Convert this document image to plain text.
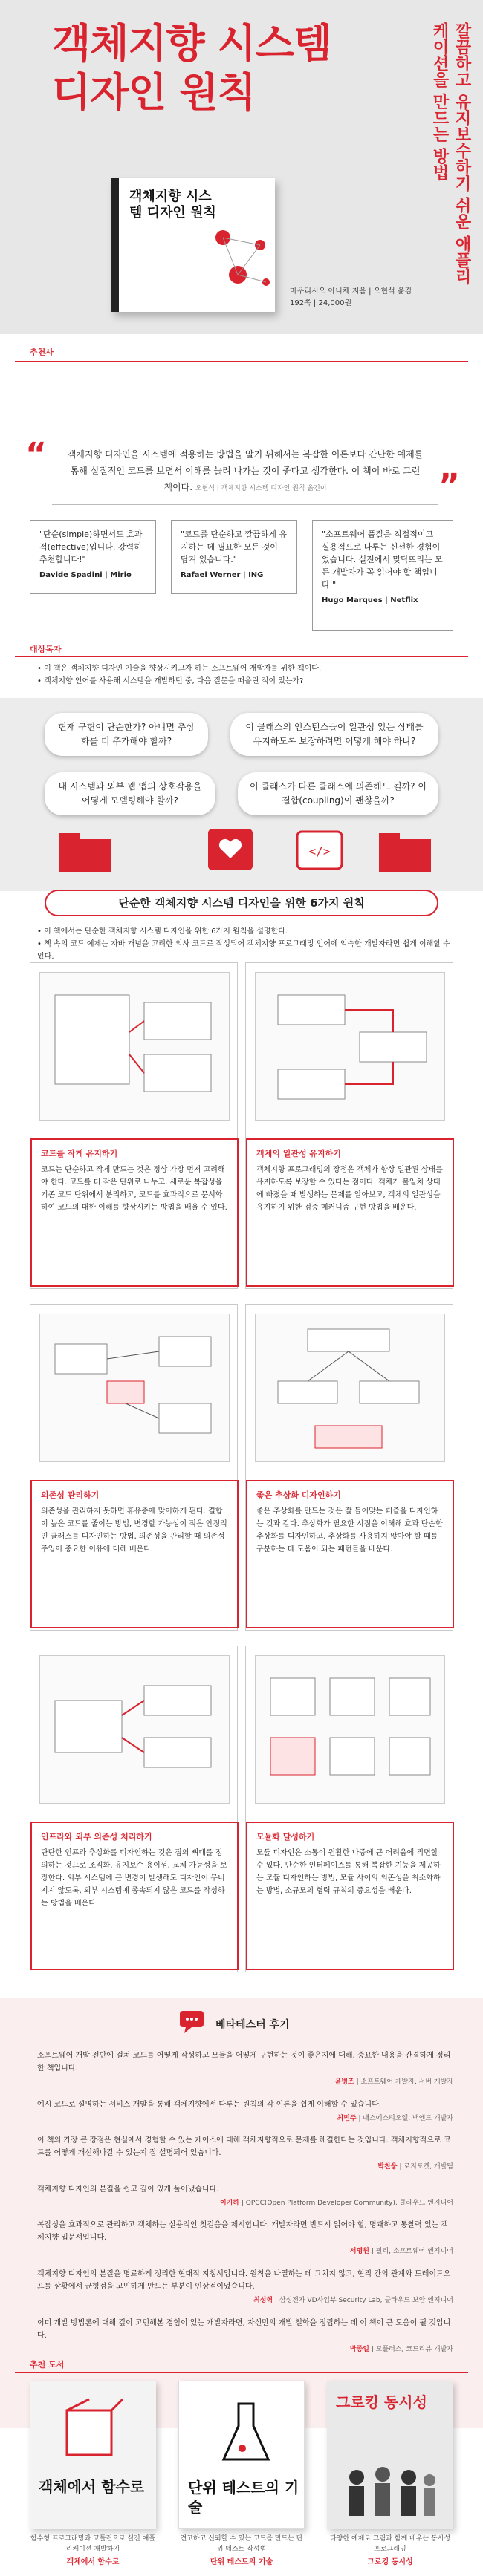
객체지향 시스템
디자인 원칙	깔끔하고 유지보수하기 쉬운 애플리케이션을 만드는 방법
객체지향 시스템 디자인 원칙
마우리시오 아니체 지음 | 오현석 옮김
192쪽 | 24,000원
추천사
“
”
객체지향 디자인을 시스템에 적용하는 방법을 알기 위해서는 복잡한 이론보다 간단한 예제를 통해 실질적인 코드를 보면서 이해를 늘려 나가는 것이 좋다고 생각한다. 이 책이 바로 그런 책이다. 오현석 | 객체지향 시스템 디자인 원칙 옮긴이
"단순(simple)하면서도 효과적(effective)입니다. 강력히 추천합니다!"
Davide Spadini | Mirio
"코드를 단순하고 깔끔하게 유지하는 데 필요한 모든 것이 담겨 있습니다."
Rafael Werner | ING
"소프트웨어 품질을 직접적이고 실용적으로 다루는 신선한 경험이었습니다. 실전에서 맞닥뜨리는 모든 개발자가 꼭 읽어야 할 책입니다."
Hugo Marques | Netflix
대상독자
• 이 책은 객체지향 디자인 기술을 향상시키고자 하는 소프트웨어 개발자를 위한 책이다.
• 객체지향 언어를 사용해 시스템을 개발하던 중, 다음 질문을 떠올린 적이 있는가?
현재 구현이 단순한가? 아니면 추상화를 더 추가해야 할까?
이 클래스의 인스턴스들이 일관성 있는 상태를 유지하도록 보장하려면 어떻게 해야 하나?
내 시스템과 외부 웹 앱의 상호작용을 어떻게 모델링해야 할까?
이 클래스가 다른 클래스에 의존해도 될까? 이 결합(coupling)이 괜찮을까?
</>
단순한 객체지향 시스템 디자인을 위한 6가지 원칙
• 이 책에서는 단순한 객체지향 시스템 디자인을 위한 6가지 원칙을 설명한다.
• 책 속의 코드 예제는 자바 개념을 고려한 의사 코드로 작성되어 객체지향 프로그래밍 언어에 익숙한 개발자라면 쉽게 이해할 수 있다.
코드를 작게 유지하기
코드는 단순하고 작게 만드는 것은 정상 가장 먼저 고려해야 한다. 코드를 더 작은 단위로 나누고, 새로운 복잡성을 기존 코드 단위에서 분리하고, 코드를 효과적으로 문서화하여 코드의 대한 이해를 향상시키는 방법을 배울 수 있다.
객체의 일관성 유지하기
객체지향 프로그래밍의 장점은 객체가 항상 일관된 상태를 유지하도록 보장할 수 있다는 점이다. 객체가 불일치 상태에 빠졌을 때 발생하는 문제를 알아보고, 객체의 일관성을 유지하기 위한 검증 메커니즘 구현 방법을 배운다.
의존성 관리하기
의존성을 관리하지 못하면 휴유증에 맞이하게 된다. 결합이 높은 코드를 줄이는 방법, 변경할 가능성이 적은 안정적인 클래스를 디자인하는 방법, 의존성을 관리할 때 의존성 주입이 중요한 이유에 대해 배운다.
좋은 추상화 디자인하기
좋은 추상화를 만드는 것은 잘 들어맞는 퍼즐을 디자인하는 것과 같다. 추상화가 필요한 시점을 이해해 효과 단순한 추상화를 디자인하고, 추상화를 사용하지 않아야 할 때를 구분하는 데 도움이 되는 패턴들을 배운다.
인프라와 외부 의존성 처리하기
단단한 인프라 추상화를 디자인하는 것은 집의 뼈대를 정의하는 것으로 조직화, 유지보수 용이성, 교체 가능성을 보장한다. 외부 시스템에 큰 변경이 발생해도 디자인이 무너지지 않도록, 외부 시스템에 종속되지 않은 코드를 작성하는 방법을 배운다.
모듈화 달성하기
모듈 디자인은 소통이 원활한 나중에 큰 어려움에 직면할 수 있다. 단순한 인터페이스를 통해 복잡한 기능을 제공하는 모듈 디자인하는 방법, 모듈 사이의 의존성을 최소화하는 방법, 소규모의 협력 규칙의 중요성을 배운다.
베타테스터 후기
소프트웨어 개발 전반에 걸쳐 코드를 어떻게 작성하고 모듈을 어떻게 구현하는 것이 좋은지에 대해, 중요한 내용을 간결하게 정리한 책입니다.
윤병조 | 소프트웨어 개발자, 서버 개발자
예시 코드로 설명하는 서비스 개발을 통해 객체지향에서 다루는 원칙의 각 이론을 쉽게 이해할 수 있습니다.
최민주 | 매스에스티오엘, 백엔드 개발자
이 책의 가장 큰 장점은 현실에서 경험할 수 있는 케이스에 대해 객체지향적으로 문제를 해결한다는 것입니다. 객체지향적으로 코드를 어떻게 개선해나갈 수 있는지 잘 설명되어 있습니다.
박찬웅 | 로지포켓, 개발팀
객체지향 디자인의 본질을 쉽고 깊이 있게 풀어냈습니다.
이기하 | OPCC(Open Platform Developer Community), 클라우드 엔지니어
복잡성을 효과적으로 관리하고 객체하는 실용적인 첫걸음을 제시합니다. 개발자라면 반드시 읽어야 할, 명쾌하고 통찰력 있는 객체지향 입문서입니다.
서영원 | 필리, 소프트웨어 엔지니어
객체지향 디자인의 본질을 명료하게 정리한 현대적 지침서입니다. 원칙을 나열하는 데 그치지 않고, 현직 간의 관계와 트레이드오프를 상황에서 균형점을 고민하게 만드는 부분이 인상적이었습니다.
최성혁 | 삼성전자 VD사업부 Security Lab, 클라우드 보안 엔지니어
이미 개발 방법론에 대해 깊이 고민해본 경험이 있는 개발자라면, 자신만의 개발 철학을 정립하는 데 이 책이 큰 도움이 될 것입니다.
박종일 | 모플러스, 코드리뷰 개발자
추천 도서
객체에서 함수로	단위 테스트의 기술
그로킹 동시성
함수형 프로그래밍과 코틀린으로 실전 애플리케이션 개발하기
객체에서 함수로
견고하고 신뢰할 수 있는 코드를 만드는 단위 테스트 작성법
단위 테스트의 기술
다양한 예제로 그림과 함께 배우는 동시성 프로그래밍
그로킹 동시성
